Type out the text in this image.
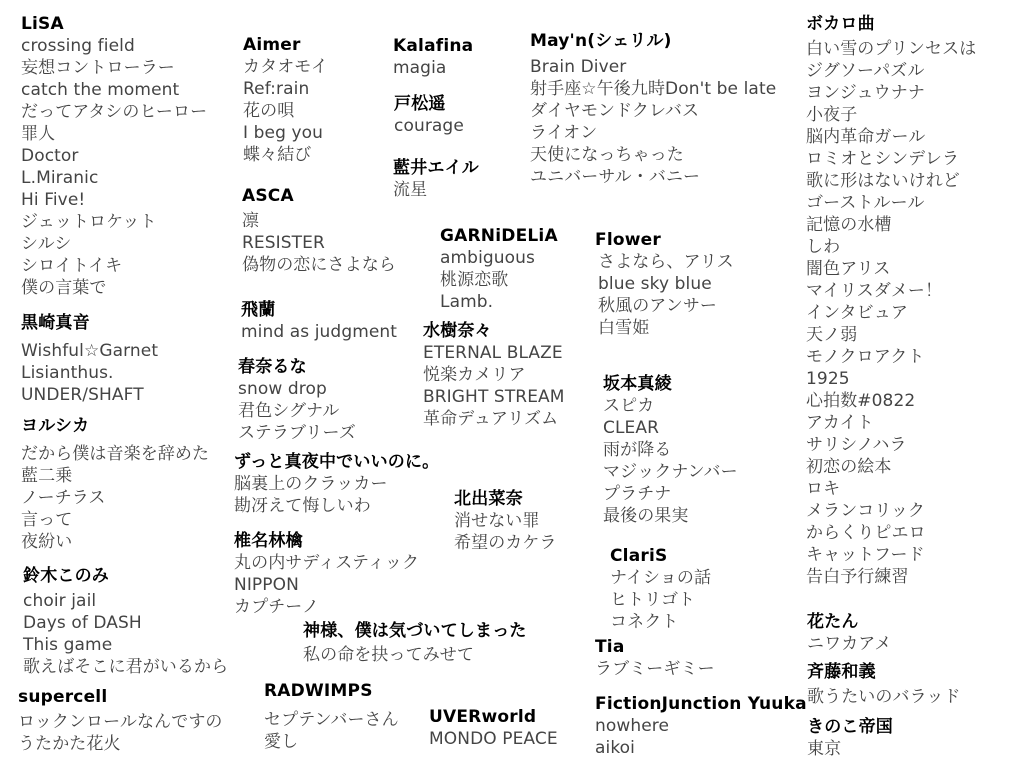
LiSA
crossing field
妄想コントローラー
catch the moment
だってアタシのヒーロー
罪人
Doctor
L.Miranic
Hi Five!
ジェットロケット
シルシ
シロイトイキ
僕の言葉で
黒崎真音
Wishful☆Garnet
Lisianthus.
UNDER/SHAFT
ヨルシカ
だから僕は音楽を辞めた
藍二乗
ノーチラス
言って
夜紛い
鈴木このみ
choir jail
Days of DASH
This game
歌えばそこに君がいるから
supercell
ロックンロールなんですの
うたかた花火
Aimer
カタオモイ
Ref:rain
花の唄
I beg you
蝶々結び
ASCA
凛
RESISTER
偽物の恋にさよなら
飛蘭
mind as judgment
春奈るな
snow drop
君色シグナル
ステラブリーズ
ずっと真夜中でいいのに。
脳裏上のクラッカー
勘冴えて悔しいわ
椎名林檎
丸の内サディスティック
NIPPON
カプチーノ
神様、僕は気づいてしまった
私の命を抉ってみせて
RADWIMPS
セプテンバーさん
愛し
UVERworld
MONDO PEACE
Kalafina
magia
戸松遥
courage
藍井エイル
流星
May'n(シェリル)
Brain Diver
射手座☆午後九時Don't be late
ダイヤモンドクレバス
ライオン
天使になっちゃった
ユニバーサル・バニー
GARNiDELiA
ambiguous
桃源恋歌
Lamb.
水樹奈々
ETERNAL BLAZE
悦楽カメリア
BRIGHT STREAM
革命デュアリズム
北出菜奈
消せない罪
希望のカケラ
Flower
さよなら、アリス
blue sky blue
秋風のアンサー
白雪姫
坂本真綾
スピカ
CLEAR
雨が降る
マジックナンバー
プラチナ
最後の果実
ClariS
ナイショの話
ヒトリゴト
コネクト
Tia
ラブミーギミー
FictionJunction Yuuka
nowhere
aikoi
ボカロ曲
白い雪のプリンセスは
ジグソーパズル
ヨンジュウナナ
小夜子
脳内革命ガール
ロミオとシンデレラ
歌に形はないけれど
ゴーストルール
記憶の水槽
しわ
闇色アリス
マイリスダメー！
インタビュア
天ノ弱
モノクロアクト
1925
心拍数#0822
アカイト
サリシノハラ
初恋の絵本
ロキ
メランコリック
からくりピエロ
キャットフード
告白予行練習
花たん
ニワカアメ
斉藤和義
歌うたいのバラッド
きのこ帝国
東京
